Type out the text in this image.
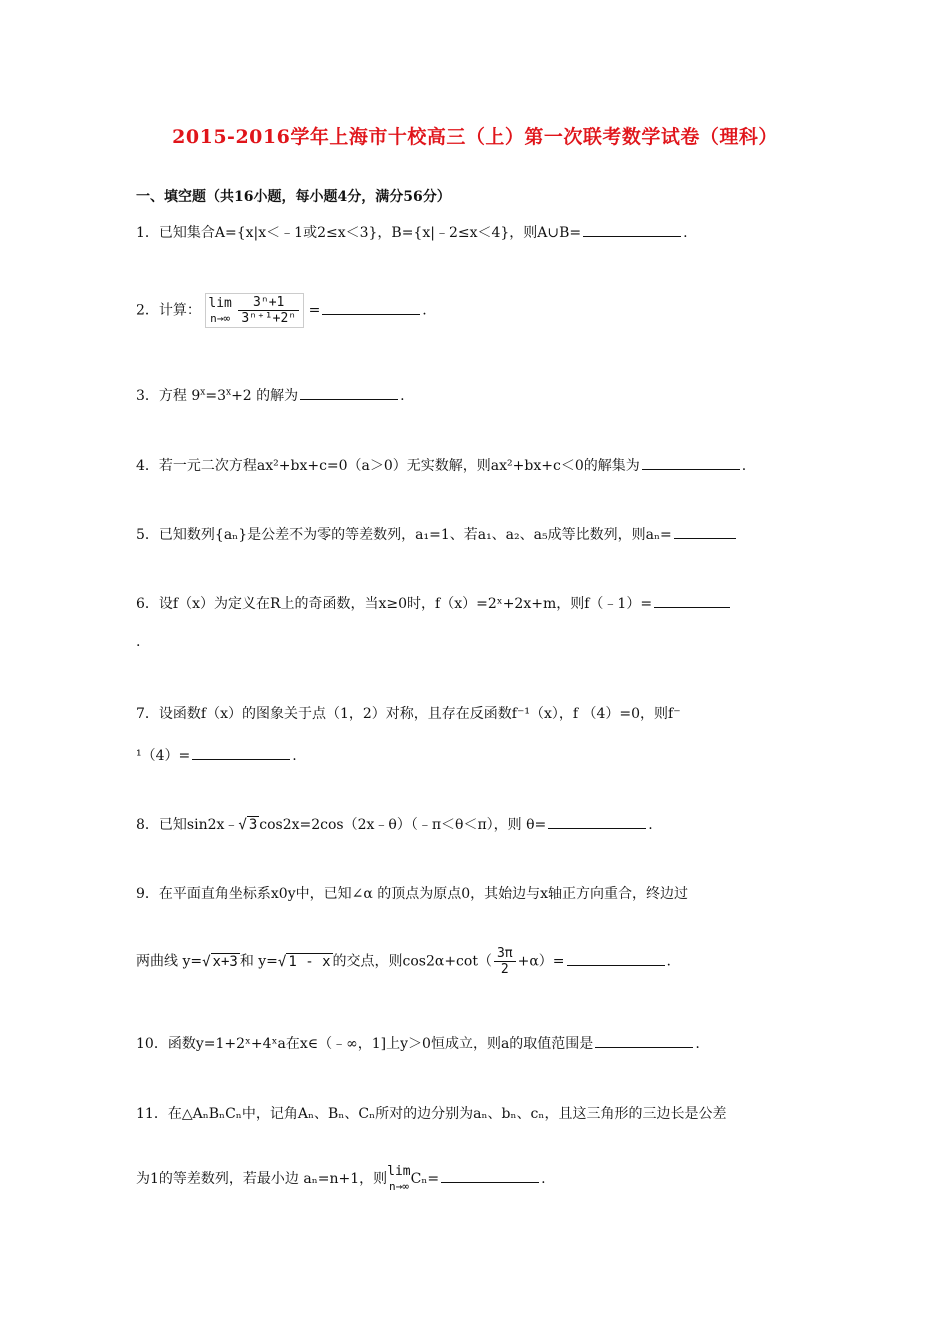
2015-2016学年上海市十校高三（上）第一次联考数学试卷（理科）
一、填空题（共16小题，每小题4分，满分56分）
1．已知集合A={x|x＜﹣1或2≤x＜3}，B={x|﹣2≤x＜4}，则A∪B=	.
2．计算： lim
n→∞
$\frac{\text{3ⁿ+1}}{\text{3ⁿ⁺¹+2ⁿ}}$ =	.
3．方程 $9^x=3^x+2$ 的解为	.
4．若一元二次方程ax²+bx+c=0（a＞0）无实数解，则ax²+bx+c＜0的解集为	.
5．已知数列{aₙ}是公差不为零的等差数列，a₁=1、若a₁、a₂、a₅成等比数列，则aₙ=
6．设f（x）为定义在R上的奇函数，当x≥0时，f（x）=2ˣ+2x+m，则f（﹣1）=
.
7．设函数f（x）的图象关于点（1，2）对称，且存在反函数f⁻¹（x），f （4）=0，则f⁻
¹（4）=	.
8．已知sin2x﹣√ 3 cos2x=2cos（2x﹣θ）（﹣π＜θ＜π），则 θ=	.
9．在平面直角坐标系x0y中，已知∠α 的顶点为原点0，其始边与x轴正方向重合，终边过
两曲线 y=√ x+3 和 y=√ 1 - x 的交点，则$\cos 2\alpha+\cot( \frac{3\pi}{2} +\alpha)=$	.
10．函数y=1+2ˣ+4ˣa在x∈（﹣∞，1]上y＞0恒成立，则a的取值范围是	.
11．在△AₙBₙCₙ中，记角Aₙ、Bₙ、Cₙ所对的边分别为aₙ、bₙ、cₙ，且这三角形的三边长是公差
为1的等差数列，若最小边 aₙ=n+1，则lim
n→∞ Cₙ=	.
